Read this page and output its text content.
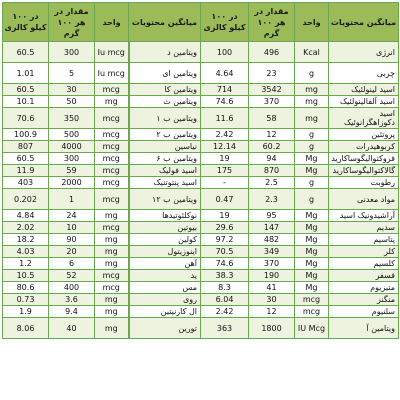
میانگین محتویات	واحد	مقدار در هر ۱۰۰ گرم	در ۱۰۰ کیلو کالری	میانگین محتویات	واحد	مقدار در هر ۱۰۰ گرم	در ۱۰۰ کیلو کالری
انرژی	Kcal	496	100	ویتامین د	Iu mcg	300	60.5
چربی	g	23	4.64	ویتامین ای	Iu mcg	5	1.01
اسید لینولئیک	mg	3542	714	ویتامین کا	mcg	30	60.5
اسید آلفالینولئیک	mg	370	74.6	ویتامین ث	mg	50	10.1
اسید دکوزاهگزانوئیک	mg	58	11.6	ویتامین ب ۱	mcg	350	70.6
پروتئین	g	12	2.42	ویتامین ب ۲	mcg	500	100.9
کربوهیدرات	g	60.2	12.14	نیاسین	mcg	4000	807
فروکتوالیگوساکارید	Mg	94	19	ویتامین ب ۶	mcg	300	60.5
گالاکتوالیگوساکارید	Mg	870	175	اسید فولیک	mcg	59	11.9
رطوبت	g	2.5	-	اسید پنتوتنیک	mcg	2000	403
مواد معدنی	g	2.3	0.47	ویتامین ب ۱۲	mcg	1	0.202
آراشیدونیک اسید	Mg	95	19	نوکلئوتیدها	mg	24	4.84
سدیم	Mg	147	29.6	بیوتین	mcg	10	2.02
پتاسیم	Mg	482	97.2	کولین	mg	90	18.2
کلر	Mg	349	70.5	اینوزیتول	mg	20	4.03
کلسیم	Mg	370	74.6	آهن	mg	6	1.2
فسفر	Mg	190	38.3	ید	mcg	52	10.5
منیزیوم	Mg	41	8.3	مس	mcg	400	80.6
منگنز	mcg	30	6.04	روی	mg	3.6	0.73
سلنیوم	mcg	12	2.42	ال کارنیتین	mg	9.4	1.9
ویتامین آ	IU Mcg	1800	363	تورین	mg	40	8.06
